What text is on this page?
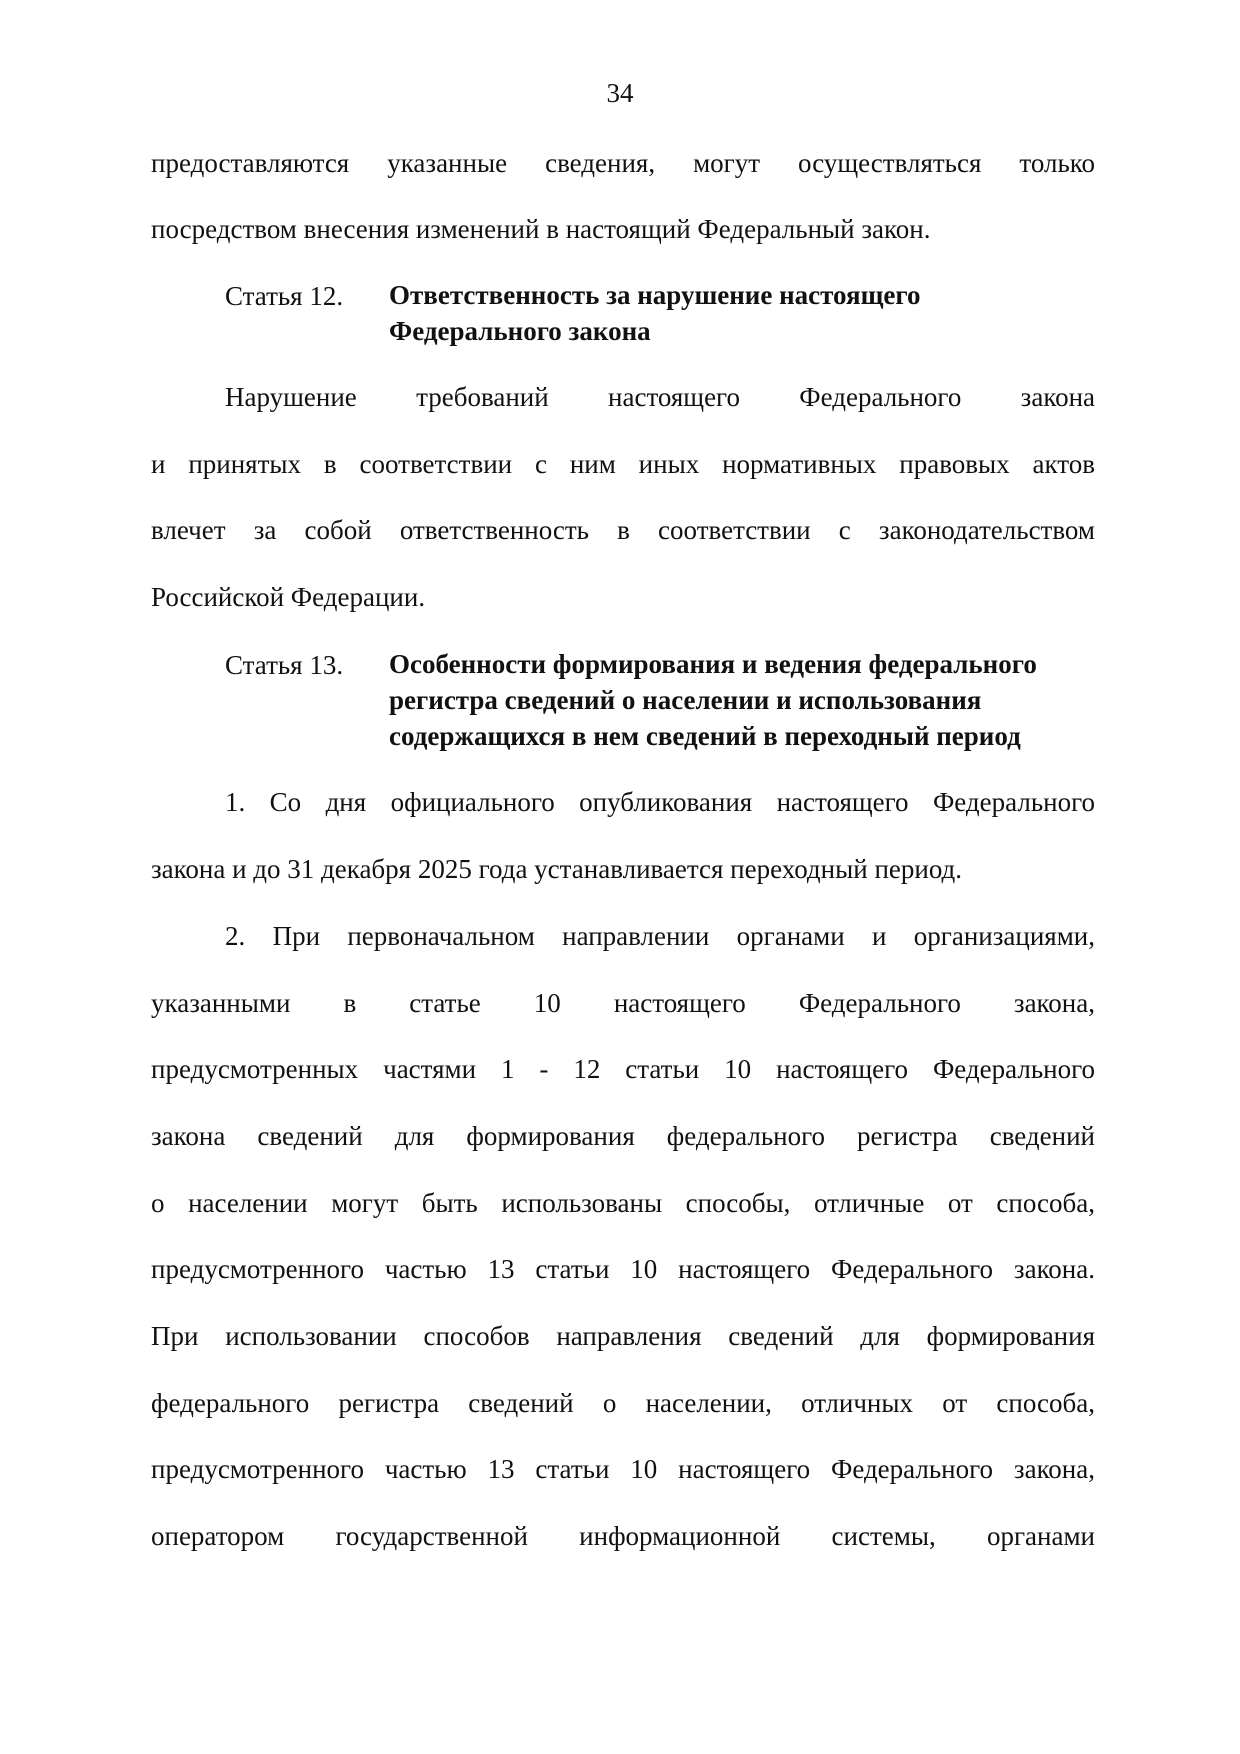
34
предоставляются указанные сведения, могут осуществляться только
посредством внесения изменений в настоящий Федеральный закон.
Статья 12. Ответственность за нарушение настоящего
Федерального закона
Нарушение требований настоящего Федерального закона
и принятых в соответствии с ним иных нормативных правовых актов
влечет за собой ответственность в соответствии с законодательством
Российской Федерации.
Статья 13. Особенности формирования и ведения федерального
регистра сведений о населении и использования
содержащихся в нем сведений в переходный период
1. Со дня официального опубликования настоящего Федерального
закона и до 31 декабря 2025 года устанавливается переходный период.
2. При первоначальном направлении органами и организациями,
указанными в статье 10 настоящего Федерального закона,
предусмотренных частями 1 - 12 статьи 10 настоящего Федерального
закона сведений для формирования федерального регистра сведений
о населении могут быть использованы способы, отличные от способа,
предусмотренного частью 13 статьи 10 настоящего Федерального закона.
При использовании способов направления сведений для формирования
федерального регистра сведений о населении, отличных от способа,
предусмотренного частью 13 статьи 10 настоящего Федерального закона,
оператором государственной информационной системы, органами
